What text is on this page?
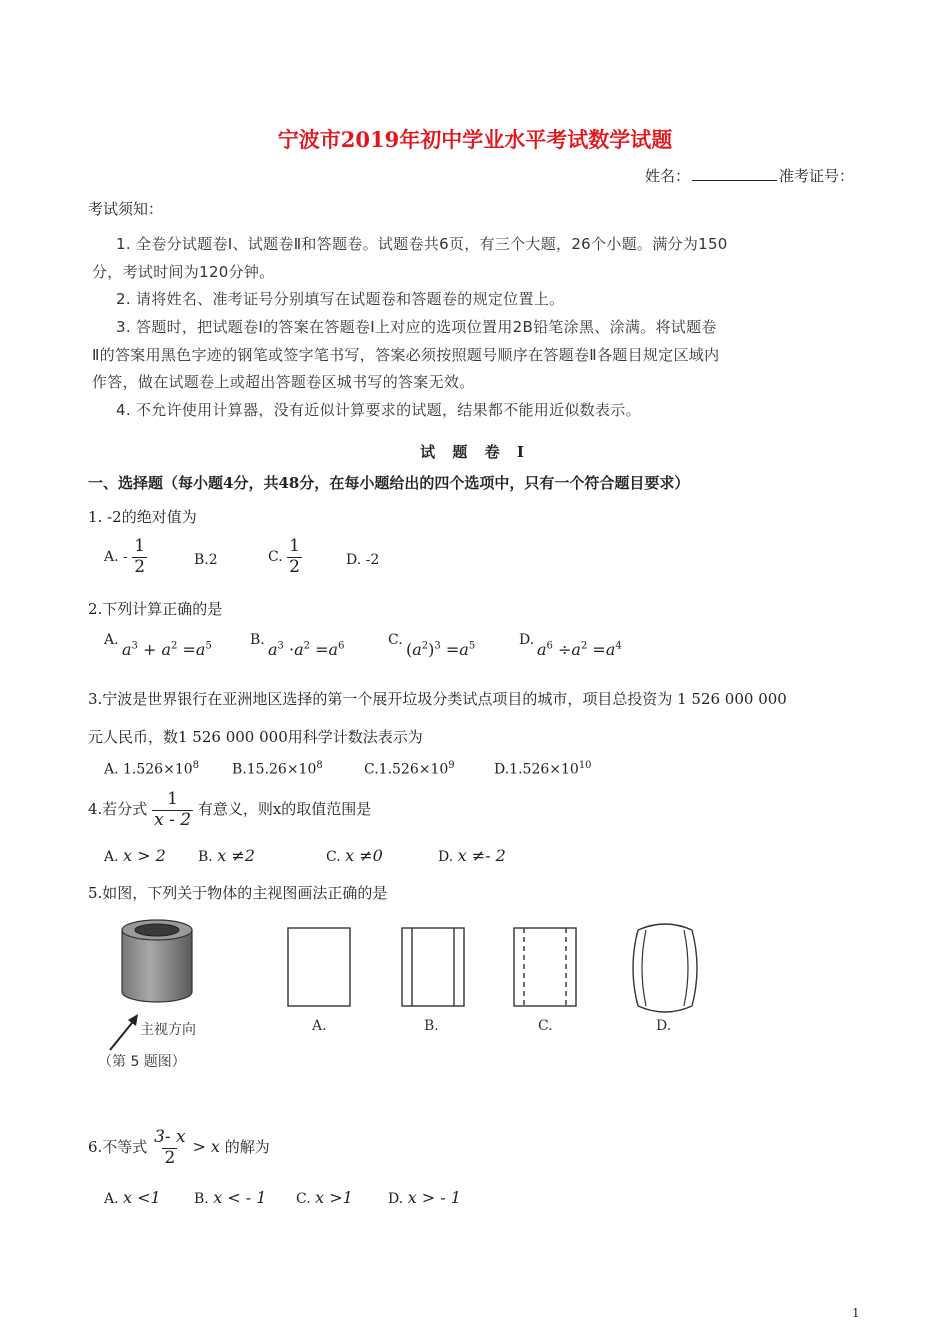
宁波市2019年初中学业水平考试数学试题
姓名：	准考证号：
考试须知：
1. 全卷分试题卷Ⅰ、试题卷Ⅱ和答题卷。试题卷共6页，有三个大题，26个小题。满分为150
分，考试时间为120分钟。
2. 请将姓名、准考证号分别填写在试题卷和答题卷的规定位置上。
3. 答题时，把试题卷Ⅰ的答案在答题卷Ⅰ上对应的选项位置用2B铅笔涂黑、涂满。将试题卷
Ⅱ的答案用黑色字迹的钢笔或签字笔书写，答案必须按照题号顺序在答题卷Ⅱ各题目规定区域内
作答，做在试题卷上或超出答题卷区城书写的答案无效。
4. 不允许使用计算器，没有近似计算要求的试题，结果都不能用近似数表示。
试 题 卷 I
一、选择题（每小题4分，共48分，在每小题给出的四个选项中，只有一个符合题目要求）
1. -2的绝对值为
A. - $\frac{1}{2}$	B.2	C. $\frac{1}{2}$	D. -2
2.下列计算正确的是
A. $a^3 + a^2 =a^5$	B. $a^3 \cdot a^2 =a^6$	C. $(a^2)^3 =a^5$	D. $a^6 \div a^2 =a^4$
3.宁波是世界银行在亚洲地区选择的第一个展开垃圾分类试点项目的城市，项目总投资为 1 526 000 000
元人民币，数1 526 000 000用科学计数法表示为
A. $1.526\times 10^8$ $B.15.26\times 10^8$	$C.1.526\times 10^9$	$D.1.526\times 10^{10}$
4.若分式 $\frac{1}{x - 2}$ 有意义，则x的取值范围是
A. x > 2 B. x ≠2	C. x ≠0	D. x ≠- 2
5.如图，下列关于物体的主视图画法正确的是
主视方向
（第 5 题图）
A.	B.	C.	D.
6.不等式 $\frac{3- x}{2} > x$ 的解为
A. x <1 B. x < - 1 C. x >1	D. x > - 1
1
